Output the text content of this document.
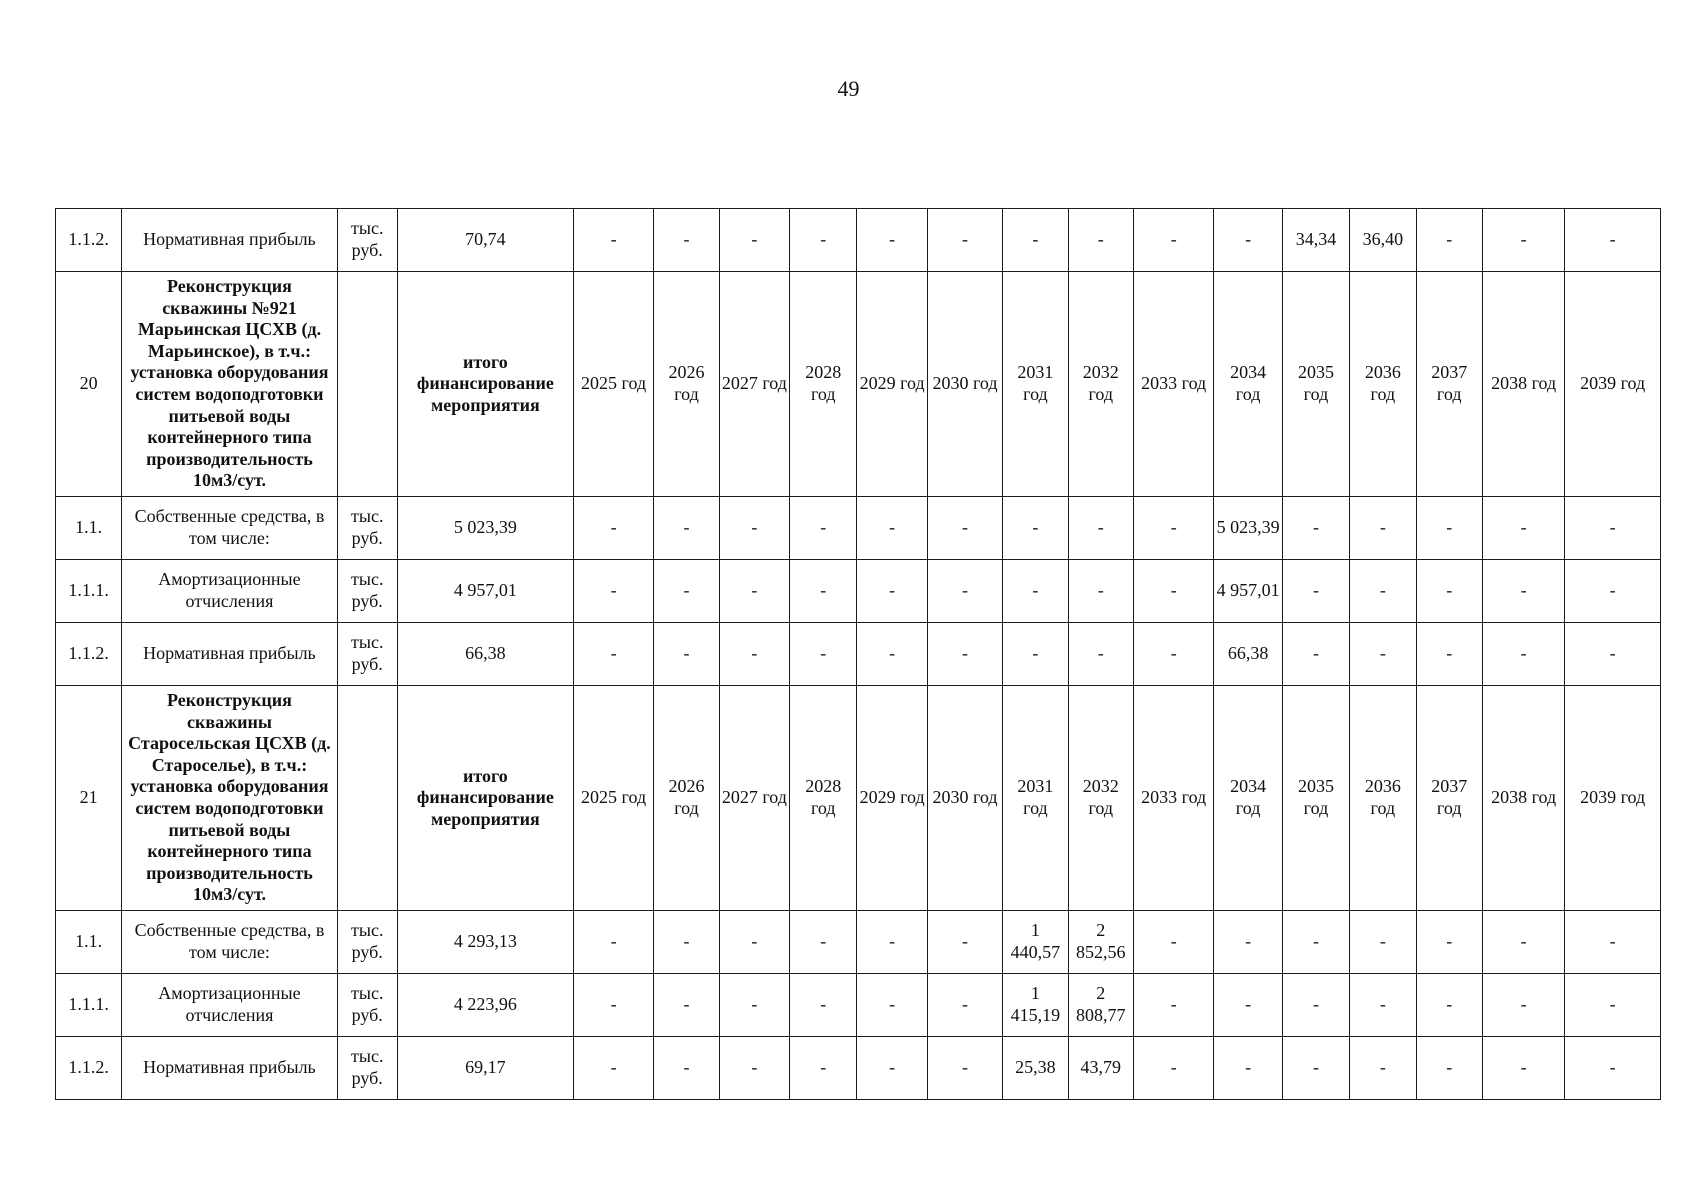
49
1.1.2.	Нормативная прибыль	тыс. руб.	70,74	-	-	-	-	-	-	-	-	-	-	34,34	36,40	-	-	-
20	Реконструкция скважины №921 Марьинская ЦСХВ (д. Марьинское), в т.ч.: установка оборудования систем водоподготовки питьевой воды контейнерного типа производительность 10м3/сут.		итого финансирование мероприятия	2025 год	2026 год	2027 год	2028 год	2029 год	2030 год	2031 год	2032 год	2033 год	2034 год	2035 год	2036 год	2037 год	2038 год	2039 год
1.1.	Собственные средства, в том числе:	тыс. руб.	5 023,39	-	-	-	-	-	-	-	-	-	5 023,39	-	-	-	-	-
1.1.1.	Амортизационные отчисления	тыс. руб.	4 957,01	-	-	-	-	-	-	-	-	-	4 957,01	-	-	-	-	-
1.1.2.	Нормативная прибыль	тыс. руб.	66,38	-	-	-	-	-	-	-	-	-	66,38	-	-	-	-	-
21	Реконструкция скважины Старосельская ЦСХВ (д. Староселье), в т.ч.: установка оборудования систем водоподготовки питьевой воды контейнерного типа производительность 10м3/сут.		итого финансирование мероприятия	2025 год	2026 год	2027 год	2028 год	2029 год	2030 год	2031 год	2032 год	2033 год	2034 год	2035 год	2036 год	2037 год	2038 год	2039 год
1.1.	Собственные средства, в том числе:	тыс. руб.	4 293,13	-	-	-	-	-	-	1 440,57	2 852,56	-	-	-	-	-	-	-
1.1.1.	Амортизационные отчисления	тыс. руб.	4 223,96	-	-	-	-	-	-	1 415,19	2 808,77	-	-	-	-	-	-	-
1.1.2.	Нормативная прибыль	тыс. руб.	69,17	-	-	-	-	-	-	25,38	43,79	-	-	-	-	-	-	-
